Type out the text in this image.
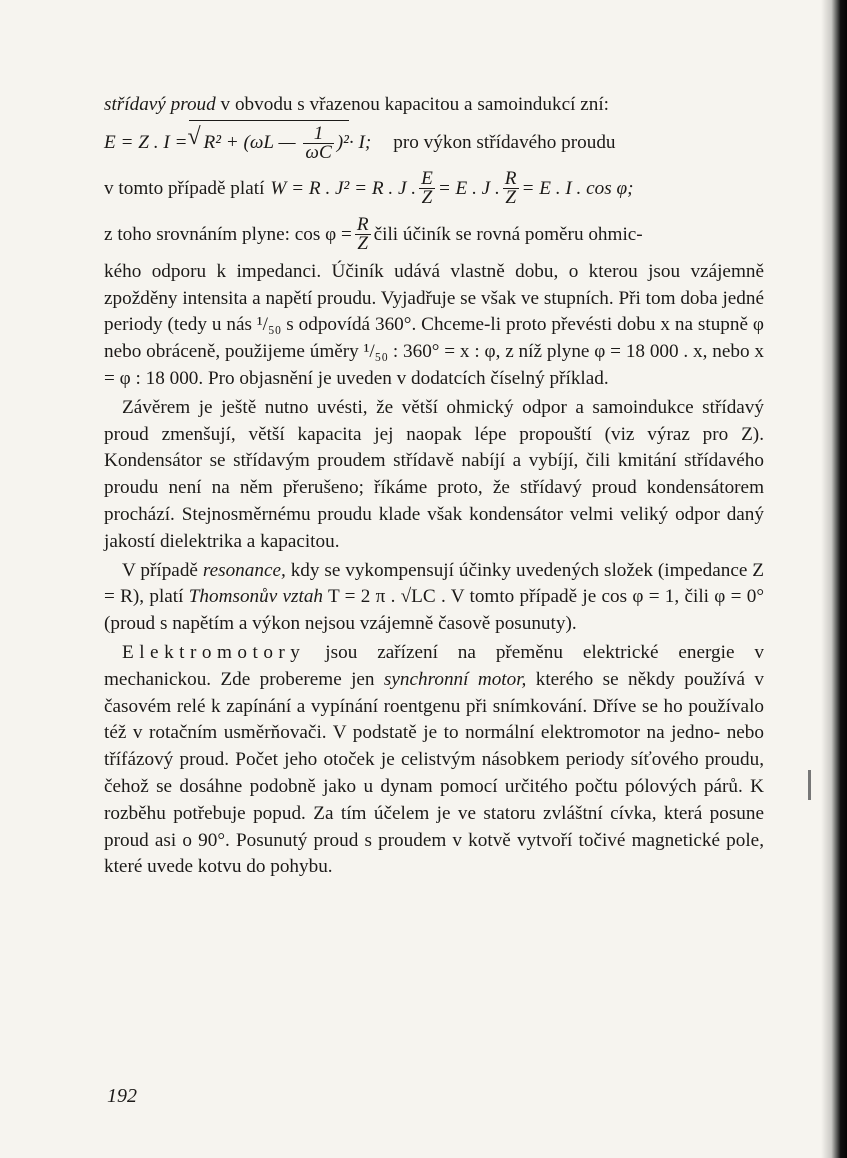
střídavý proud v obvodu s vřazenou kapacitou a samoindukcí zní:

E = Z . I = √ R² + (ωL — $\frac{1}{\omega C} )^2 \cdot I$; pro výkon střídavého proudu

v tomto případě platí W = R . J² = R . J . $\frac{E}{Z} = E$ . J . $\frac{R}{Z} = E$ . I . cos φ;

z toho srovnáním plyne: $\cos \varphi = \frac{R}{Z}$ čili účiník se rovná poměru ohmic-

kého odporu k impedanci. Účiník udává vlastně dobu, o kterou jsou vzájemně zpožděny intensita a napětí proudu. Vyjadřuje se však ve stupních. Při tom doba jedné periody (tedy u nás ¹/₅₀ s odpovídá 360°. Chceme-li proto převésti dobu x na stupně φ nebo obráceně, použijeme úměry ¹/₅₀ : 360° = x : φ, z níž plyne φ = 18 000 . x, nebo x = φ : 18 000. Pro objasnění je uveden v dodatcích číselný příklad.

Závěrem je ještě nutno uvésti, že větší ohmický odpor a samoindukce střídavý proud zmenšují, větší kapacita jej naopak lépe propouští (viz výraz pro Z). Kondensátor se střídavým proudem střídavě nabíjí a vybíjí, čili kmitání střídavého proudu není na něm přerušeno; říkáme proto, že střídavý proud kondensátorem prochází. Stejnosměrnému proudu klade však kondensátor velmi veliký odpor daný jakostí dielektrika a kapacitou.

V případě resonance, kdy se vykompensují účinky uvedených složek (impedance Z = R), platí Thomsonův vztah T = 2 π . √LC . V tomto případě je cos φ = 1, čili φ = 0° (proud s napětím a výkon nejsou vzájemně časově posunuty).

Elektromotory jsou zařízení na přeměnu elektrické energie v mechanickou. Zde probereme jen synchronní motor, kterého se někdy používá v časovém relé k zapínání a vypínání roentgenu při snímkování. Dříve se ho používalo též v rotačním usměrňovači. V podstatě je to normální elektromotor na jedno- nebo třífázový proud. Počet jeho otoček je celistvým násobkem periody síťového proudu, čehož se dosáhne podobně jako u dynam pomocí určitého počtu pólových párů. K rozběhu potřebuje popud. Za tím účelem je ve statoru zvláštní cívka, která posune proud asi o 90°. Posunutý proud s proudem v kotvě vytvoří točivé magnetické pole, které uvede kotvu do pohybu.

192
